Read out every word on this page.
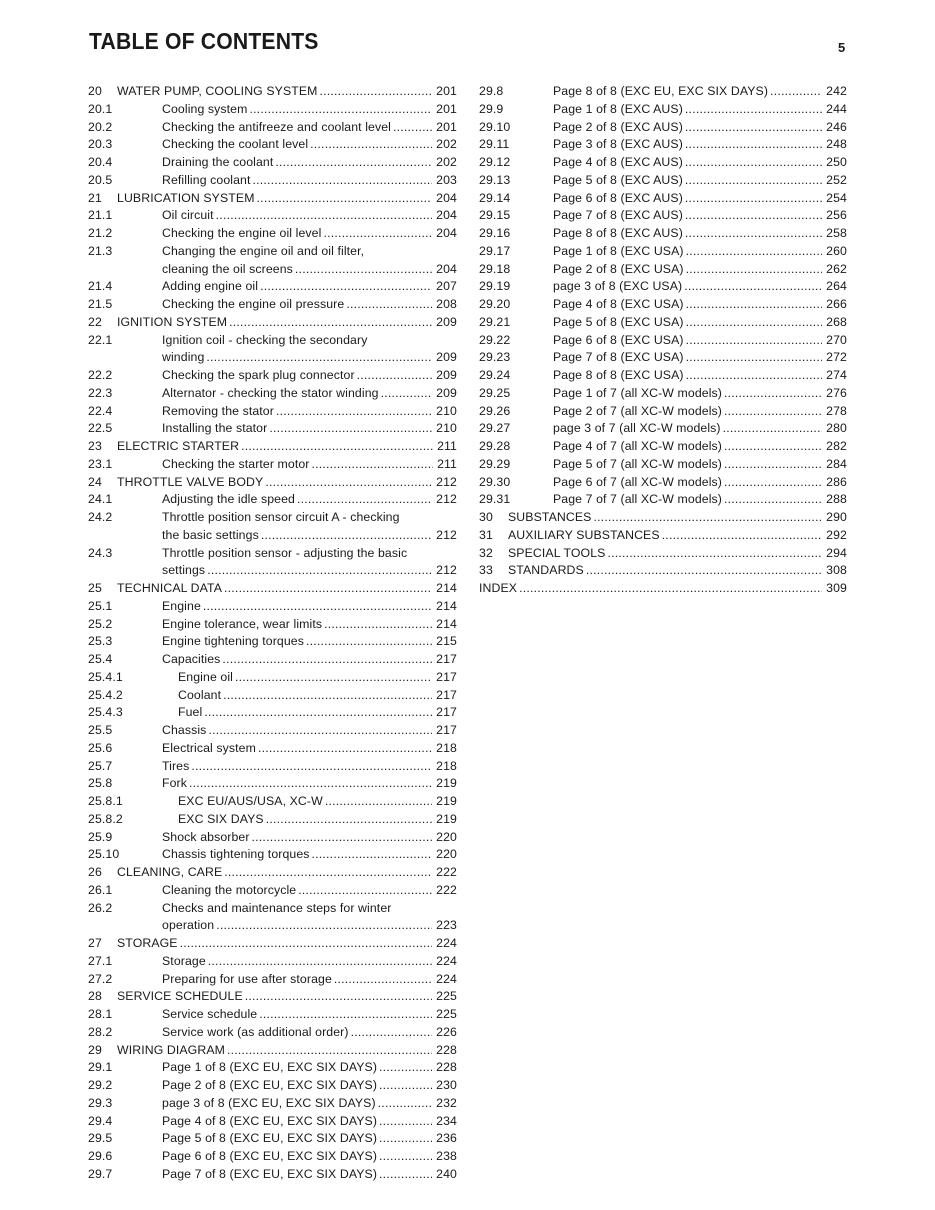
TABLE OF CONTENTS	5
20 WATER PUMP, COOLING SYSTEM . . .	201
20.1	Cooling system . . .	201
20.2	Checking the antifreeze and coolant level . . .	201
20.3	Checking the coolant level . . .	202
20.4	Draining the coolant . . .	202
20.5	Refilling coolant . . .	203
21 LUBRICATION SYSTEM . . .	204
21.1	Oil circuit . . .	204
21.2	Checking the engine oil level . . .	204
21.3	Changing the engine oil and oil filter,
cleaning the oil screens . . .	204
21.4	Adding engine oil . . .	207
21.5	Checking the engine oil pressure . . .	208
22 IGNITION SYSTEM . . .	209
22.1	Ignition coil - checking the secondary
winding . . .	209
22.2	Checking the spark plug connector . . .	209
22.3	Alternator - checking the stator winding . . .	209
22.4	Removing the stator . . .	210
22.5	Installing the stator . . .	210
23 ELECTRIC STARTER . . .	211
23.1	Checking the starter motor . . .	211
24 THROTTLE VALVE BODY . . .	212
24.1	Adjusting the idle speed . . .	212
24.2	Throttle position sensor circuit A - checking
the basic settings . . .	212
24.3	Throttle position sensor - adjusting the basic
settings . . .	212
25 TECHNICAL DATA . . .	214
25.1	Engine . . .	214
25.2	Engine tolerance, wear limits . . .	214
25.3	Engine tightening torques . . .	215
25.4	Capacities . . .	217
25.4.1	Engine oil . . .	217
25.4.2	Coolant . . .	217
25.4.3	Fuel . . .	217
25.5	Chassis . . .	217
25.6	Electrical system . . .	218
25.7	Tires . . .	218
25.8	Fork . . .	219
25.8.1	EXC EU/AUS/USA, XC-W . . .	219
25.8.2	EXC SIX DAYS . . .	219
25.9	Shock absorber . . .	220
25.10	Chassis tightening torques . . .	220
26 CLEANING, CARE . . .	222
26.1	Cleaning the motorcycle . . .	222
26.2	Checks and maintenance steps for winter
operation . . .	223
27 STORAGE . . .	224
27.1	Storage . . .	224
27.2	Preparing for use after storage . . .	224
28 SERVICE SCHEDULE . . .	225
28.1	Service schedule . . .	225
28.2	Service work (as additional order) . . .	226
29 WIRING DIAGRAM . . .	228
29.1	Page 1 of 8 (EXC EU, EXC SIX DAYS) . . .	228
29.2	Page 2 of 8 (EXC EU, EXC SIX DAYS) . . .	230
29.3	page 3 of 8 (EXC EU, EXC SIX DAYS) . . .	232
29.4	Page 4 of 8 (EXC EU, EXC SIX DAYS) . . .	234
29.5	Page 5 of 8 (EXC EU, EXC SIX DAYS) . . .	236
29.6	Page 6 of 8 (EXC EU, EXC SIX DAYS) . . .	238
29.7	Page 7 of 8 (EXC EU, EXC SIX DAYS) . . .	240
29.8	Page 8 of 8 (EXC EU, EXC SIX DAYS) . . .	242
29.9	Page 1 of 8 (EXC AUS) . . .	244
29.10	Page 2 of 8 (EXC AUS) . . .	246
29.11	Page 3 of 8 (EXC AUS) . . .	248
29.12	Page 4 of 8 (EXC AUS) . . .	250
29.13	Page 5 of 8 (EXC AUS) . . .	252
29.14	Page 6 of 8 (EXC AUS) . . .	254
29.15	Page 7 of 8 (EXC AUS) . . .	256
29.16	Page 8 of 8 (EXC AUS) . . .	258
29.17	Page 1 of 8 (EXC USA) . . .	260
29.18	Page 2 of 8 (EXC USA) . . .	262
29.19	page 3 of 8 (EXC USA) . . .	264
29.20	Page 4 of 8 (EXC USA) . . .	266
29.21	Page 5 of 8 (EXC USA) . . .	268
29.22	Page 6 of 8 (EXC USA) . . .	270
29.23	Page 7 of 8 (EXC USA) . . .	272
29.24	Page 8 of 8 (EXC USA) . . .	274
29.25	Page 1 of 7 (all XC-W models) . . .	276
29.26	Page 2 of 7 (all XC-W models) . . .	278
29.27	page 3 of 7 (all XC-W models) . . .	280
29.28	Page 4 of 7 (all XC-W models) . . .	282
29.29	Page 5 of 7 (all XC-W models) . . .	284
29.30	Page 6 of 7 (all XC-W models) . . .	286
29.31	Page 7 of 7 (all XC-W models) . . .	288
30 SUBSTANCES . . .	290
31 AUXILIARY SUBSTANCES . . .	292
32 SPECIAL TOOLS . . .	294
33 STANDARDS . . .	308
INDEX . . .	309
